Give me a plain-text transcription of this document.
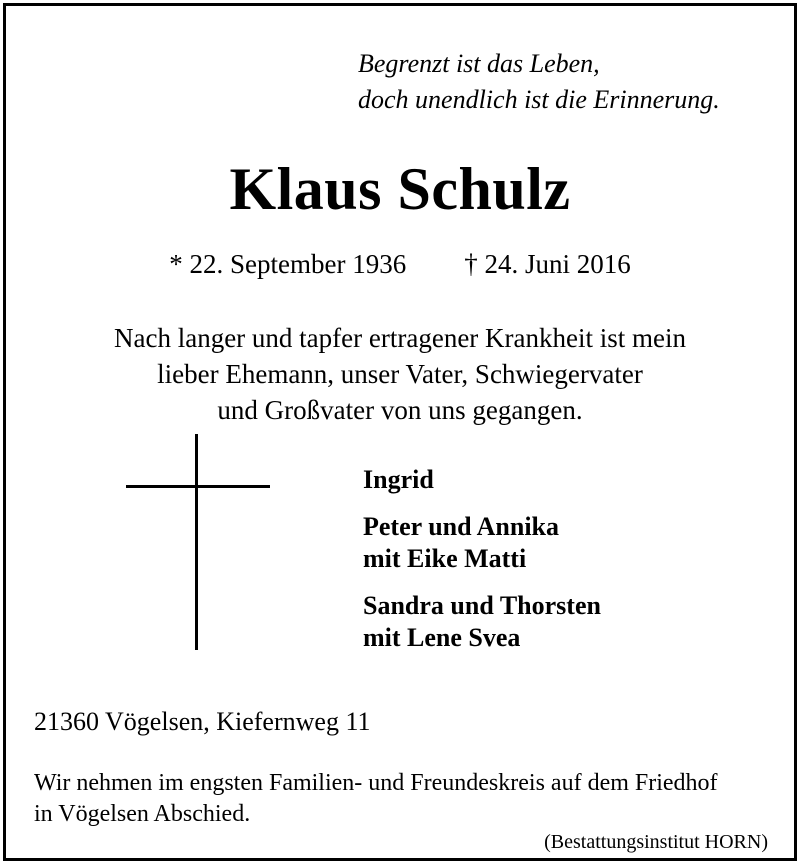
Begrenzt ist das Leben,
doch unendlich ist die Erinnerung.
Klaus Schulz
* 22. September 1936 † 24. Juni 2016
Nach langer und tapfer ertragener Krankheit ist mein
lieber Ehemann, unser Vater, Schwiegervater
und Großvater von uns gegangen.
Ingrid
Peter und Annika
mit Eike Matti
Sandra und Thorsten
mit Lene Svea
21360 Vögelsen, Kiefernweg 11
Wir nehmen im engsten Familien- und Freundeskreis auf dem Friedhof
in Vögelsen Abschied.
(Bestattungsinstitut HORN)
